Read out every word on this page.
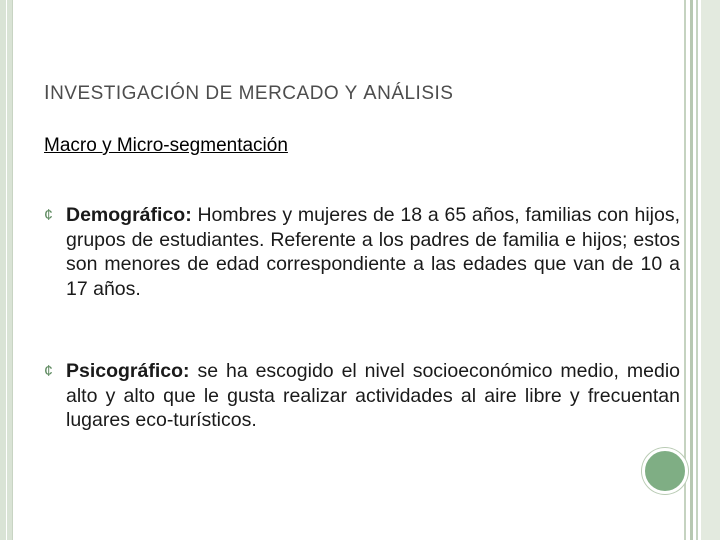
INVESTIGACIÓN DE MERCADO Y ANÁLISIS
Macro y Micro-segmentación
¢ Demográfico: Hombres y mujeres de 18 a 65 años, familias con hijos, grupos de estudiantes. Referente a los padres de familia e hijos; estos son menores de edad correspondiente a las edades que van de 10 a 17 años.
¢ Psicográfico: se ha escogido el nivel socioeconómico medio, medio alto y alto que le gusta realizar actividades al aire libre y frecuentan lugares eco-turísticos.
